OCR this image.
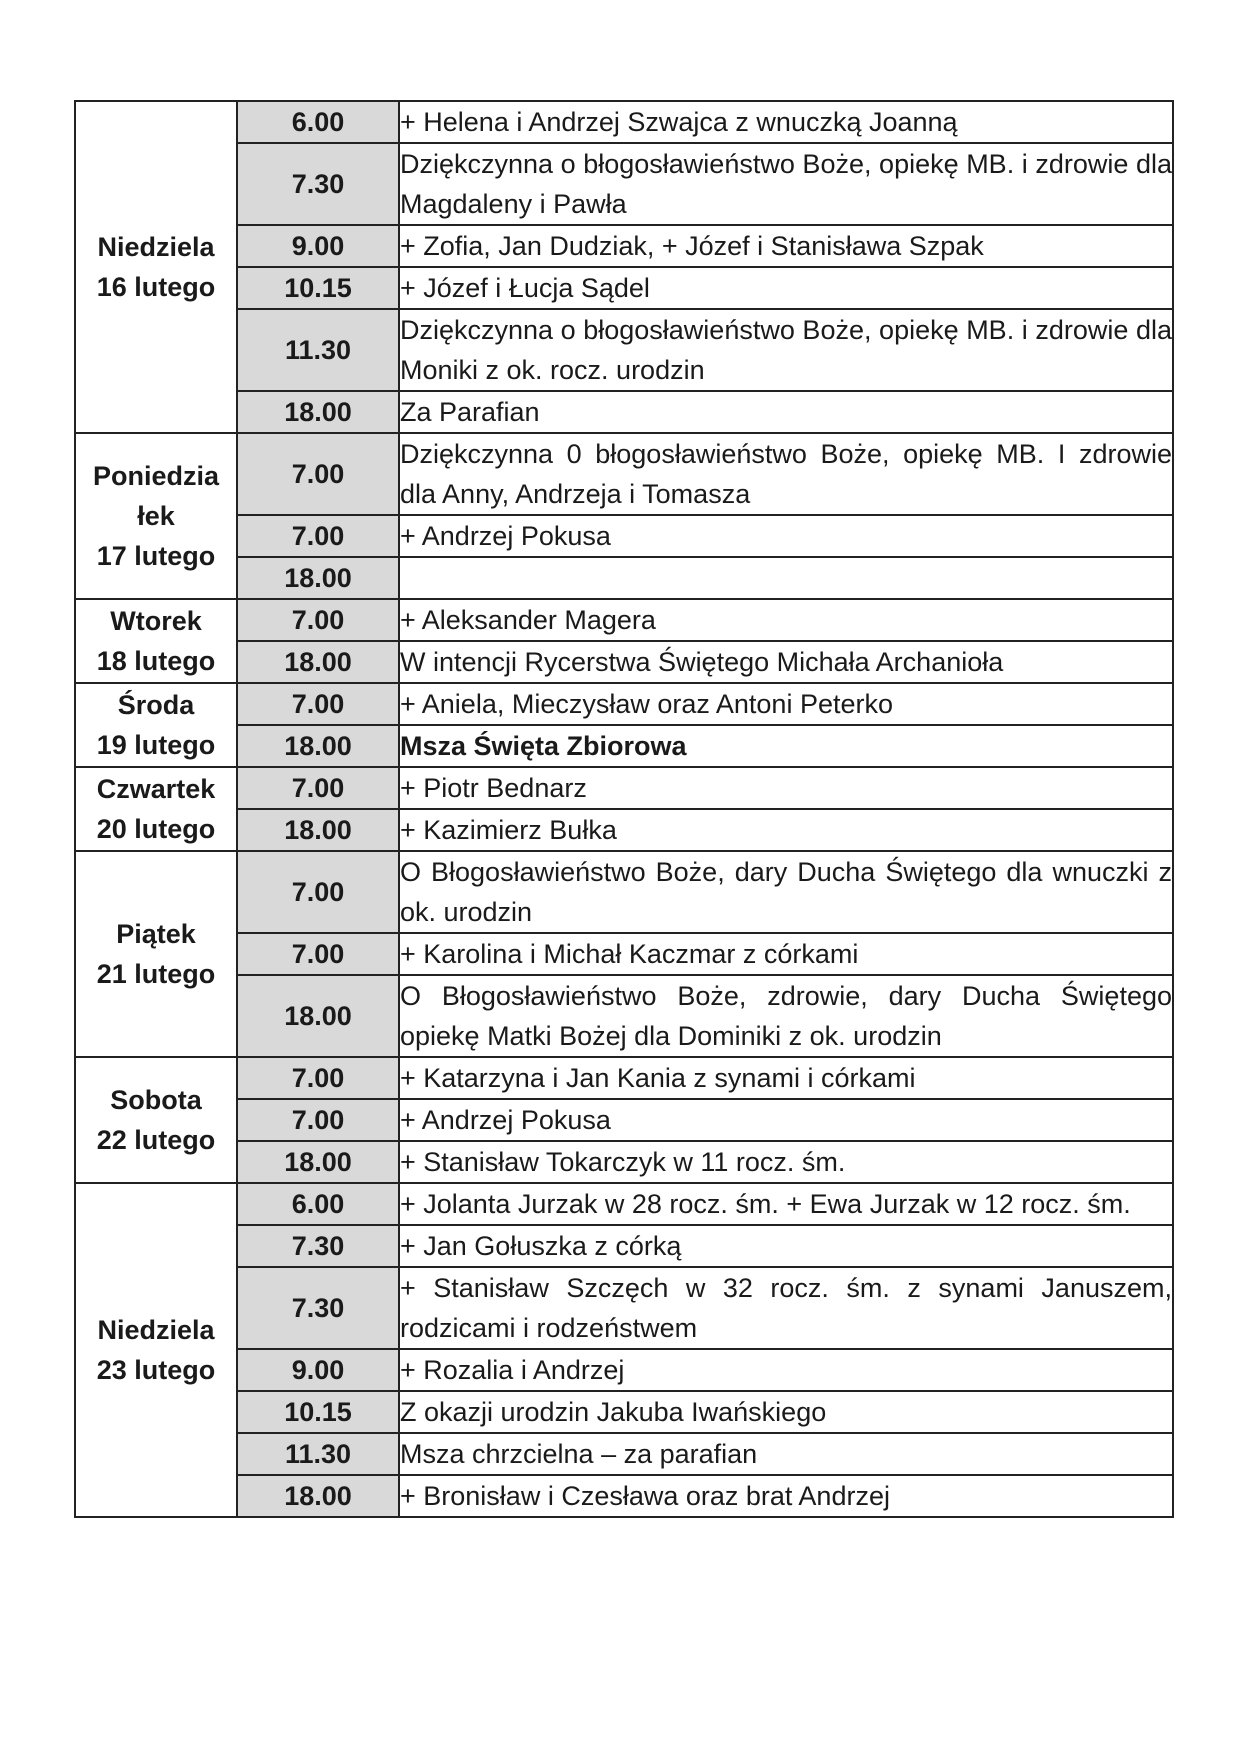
Niedziela
16 lutego	6.00	+ Helena i Andrzej Szwajca z wnuczką Joanną
	7.30	Dziękczynna o błogosławieństwo Boże, opiekę MB. i zdrowie dla Magdaleny i Pawła
	9.00	+ Zofia, Jan Dudziak, + Józef i Stanisława Szpak
	10.15	+ Józef i Łucja Sądel
	11.30	Dziękczynna o błogosławieństwo Boże, opiekę MB. i zdrowie dla Moniki z ok. rocz. urodzin
	18.00	Za Parafian

Poniedzia łek
17 lutego	7.00	Dziękczynna 0 błogosławieństwo Boże, opiekę MB. I zdrowie dla Anny, Andrzeja i Tomasza
	7.00	+ Andrzej Pokusa
	18.00	

Wtorek
18 lutego	7.00	+ Aleksander Magera
	18.00	W intencji Rycerstwa Świętego Michała Archanioła

Środa
19 lutego	7.00	+ Aniela, Mieczysław oraz Antoni Peterko
	18.00	Msza Święta Zbiorowa

Czwartek
20 lutego	7.00	+ Piotr Bednarz
	18.00	+ Kazimierz Bułka

Piątek
21 lutego	7.00	O Błogosławieństwo Boże, dary Ducha Świętego dla wnuczki z ok. urodzin
	7.00	+ Karolina i Michał Kaczmar z córkami
	18.00	O Błogosławieństwo Boże, zdrowie, dary Ducha Świętego opiekę Matki Bożej dla Dominiki z ok. urodzin

Sobota
22 lutego	7.00	+ Katarzyna i Jan Kania z synami i córkami
	7.00	+ Andrzej Pokusa
	18.00	+ Stanisław Tokarczyk w 11 rocz. śm.

Niedziela
23 lutego	6.00	+ Jolanta Jurzak w 28 rocz. śm. + Ewa Jurzak w 12 rocz. śm.
	7.30	+ Jan Gołuszka z córką
	7.30	+ Stanisław Szczęch w 32 rocz. śm. z synami Januszem, rodzicami i rodzeństwem
	9.00	+ Rozalia i Andrzej
	10.15	Z okazji urodzin Jakuba Iwańskiego
	11.30	Msza chrzcielna – za parafian
	18.00	+ Bronisław i Czesława oraz brat Andrzej
